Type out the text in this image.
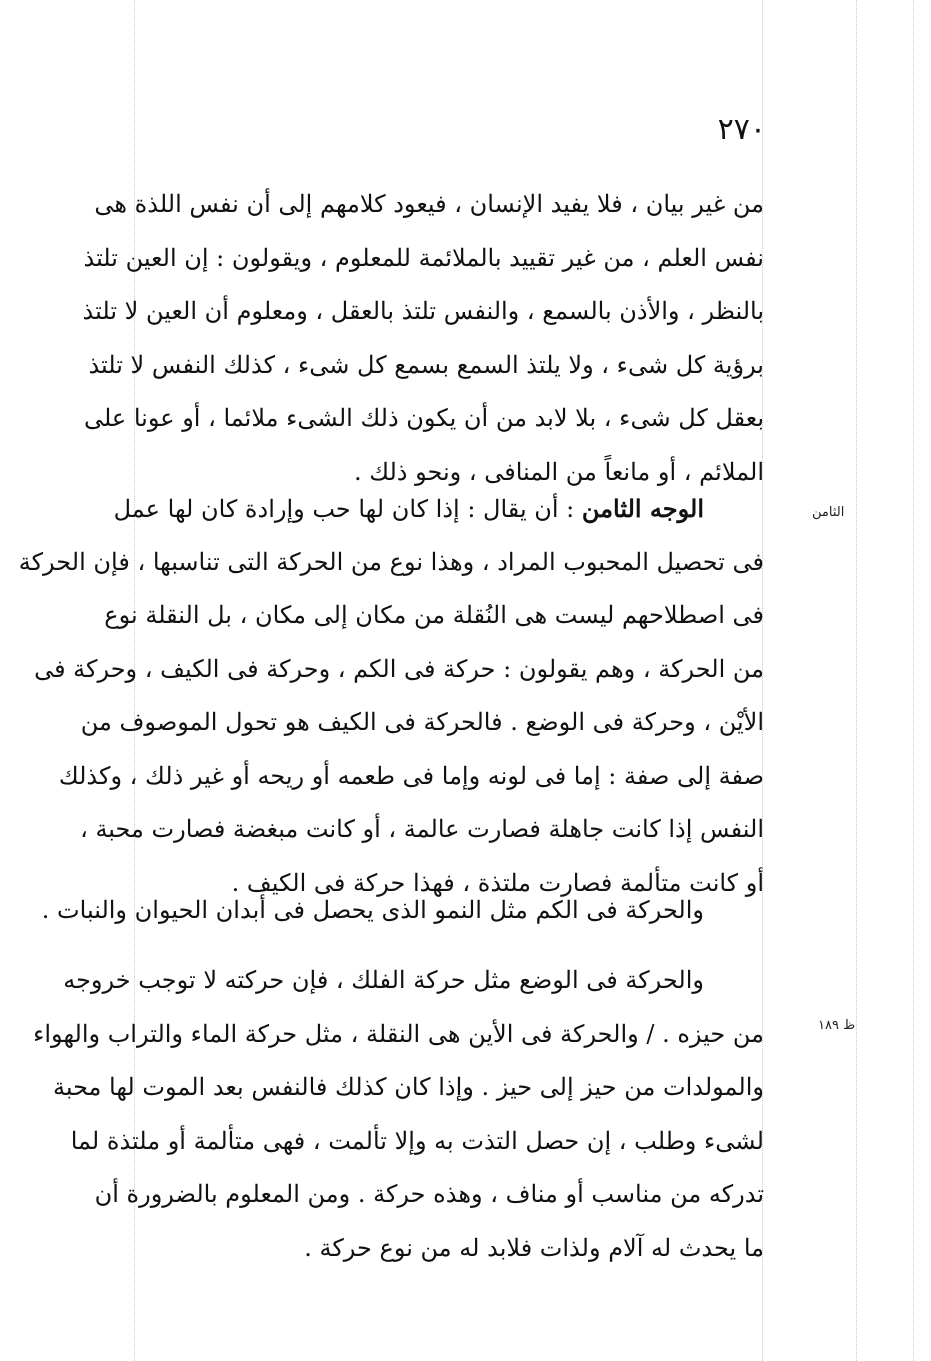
٢٧٠
من غير بيان ، فلا يفيد الإنسان ، فيعود كلامهم إلى أن نفس اللذة هى
نفس العلم ، من غير تقييد بالملائمة للمعلوم ، ويقولون : إن العين تلتذ
بالنظر ، والأذن بالسمع ، والنفس تلتذ بالعقل ، ومعلوم أن العين لا تلتذ
برؤية كل شىء ، ولا يلتذ السمع بسمع كل شىء ، كذلك النفس لا تلتذ
بعقل كل شىء ، بلا لابد من أن يكون ذلك الشىء ملائما ، أو عونا على
الملائم ، أو مانعاً من المنافى ، ونحو ذلك .
الثامن
الوجه الثامن : أن يقال : إذا كان لها حب وإرادة كان لها عمل
فى تحصيل المحبوب المراد ، وهذا نوع من الحركة التى تناسبها ، فإن الحركة
فى اصطلاحهم ليست هى النُقلة من مكان إلى مكان ، بل النقلة نوع
من الحركة ، وهم يقولون : حركة فى الكم ، وحركة فى الكيف ، وحركة فى
الأيْن ، وحركة فى الوضع . فالحركة فى الكيف هو تحول الموصوف من
صفة إلى صفة : إما فى لونه وإما فى طعمه أو ريحه أو غير ذلك ، وكذلك
النفس إذا كانت جاهلة فصارت عالمة ، أو كانت مبغضة فصارت محبة ،
أو كانت متألمة فصارت ملتذة ، فهذا حركة فى الكيف .
والحركة فى الكم مثل النمو الذى يحصل فى أبدان الحيوان والنبات .
ظ ١٨٩
والحركة فى الوضع مثل حركة الفلك ، فإن حركته لا توجب خروجه
من حيزه . / والحركة فى الأين هى النقلة ، مثل حركة الماء والتراب والهواء
والمولدات من حيز إلى حيز . وإذا كان كذلك فالنفس بعد الموت لها محبة
لشىء وطلب ، إن حصل التذت به وإلا تألمت ، فهى متألمة أو ملتذة لما
تدركه من مناسب أو مناف ، وهذه حركة . ومن المعلوم بالضرورة أن
ما يحدث له آلام ولذات فلابد له من نوع حركة .
